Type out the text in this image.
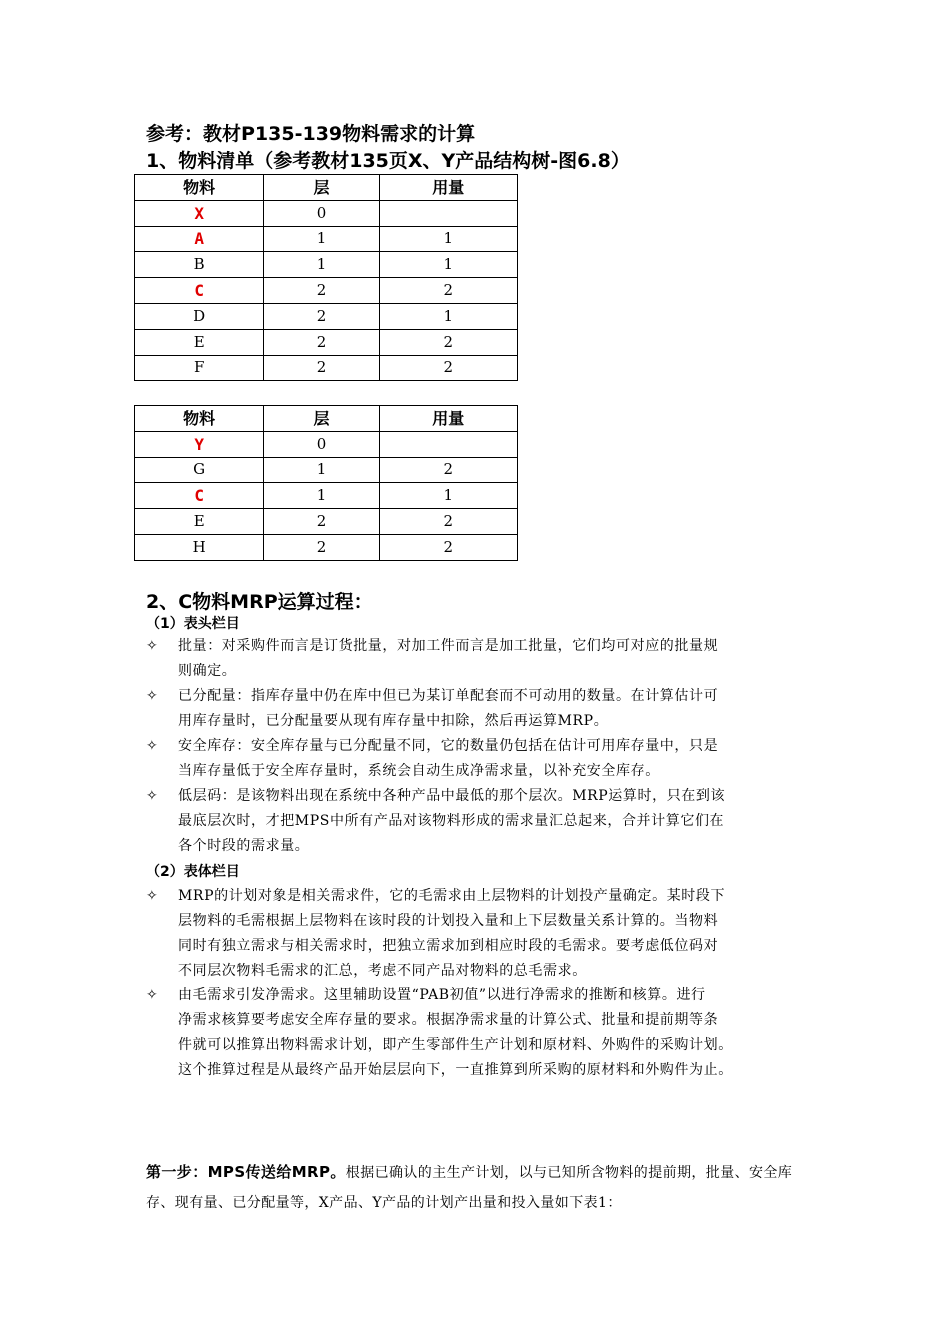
参考：教材P135-139物料需求的计算
1、物料清单（参考教材135页X、Y产品结构树-图6.8）
物料	层	用量
X	0	
A	1	1
B	1	1
C	2	2
D	2	1
E	2	2
F	2	2
物料	层	用量
Y	0	
G	1	2
C	1	1
E	2	2
H	2	2
2、C物料MRP运算过程：
（1）表头栏目
✧ 批量：对采购件而言是订货批量，对加工件而言是加工批量，它们均可对应的批量规
则确定。
✧ 已分配量：指库存量中仍在库中但已为某订单配套而不可动用的数量。在计算估计可
用库存量时，已分配量要从现有库存量中扣除，然后再运算MRP。
✧ 安全库存：安全库存量与已分配量不同，它的数量仍包括在估计可用库存量中，只是
当库存量低于安全库存量时，系统会自动生成净需求量，以补充安全库存。
✧ 低层码：是该物料出现在系统中各种产品中最低的那个层次。MRP运算时，只在到该
最底层次时，才把MPS中所有产品对该物料形成的需求量汇总起来，合并计算它们在
各个时段的需求量。
（2）表体栏目
✧ MRP的计划对象是相关需求件，它的毛需求由上层物料的计划投产量确定。某时段下
层物料的毛需根据上层物料在该时段的计划投入量和上下层数量关系计算的。当物料
同时有独立需求与相关需求时，把独立需求加到相应时段的毛需求。要考虑低位码对
不同层次物料毛需求的汇总，考虑不同产品对物料的总毛需求。
✧ 由毛需求引发净需求。这里辅助设置“PAB初值”以进行净需求的推断和核算。进行
净需求核算要考虑安全库存量的要求。根据净需求量的计算公式、批量和提前期等条
件就可以推算出物料需求计划，即产生零部件生产计划和原材料、外购件的采购计划。
这个推算过程是从最终产品开始层层向下，一直推算到所采购的原材料和外购件为止。
第一步：MPS传送给MRP。根据已确认的主生产计划，以与已知所含物料的提前期，批量、安全库存、现有量、已分配量等，X产品、Y产品的计划产出量和投入量如下表1：
